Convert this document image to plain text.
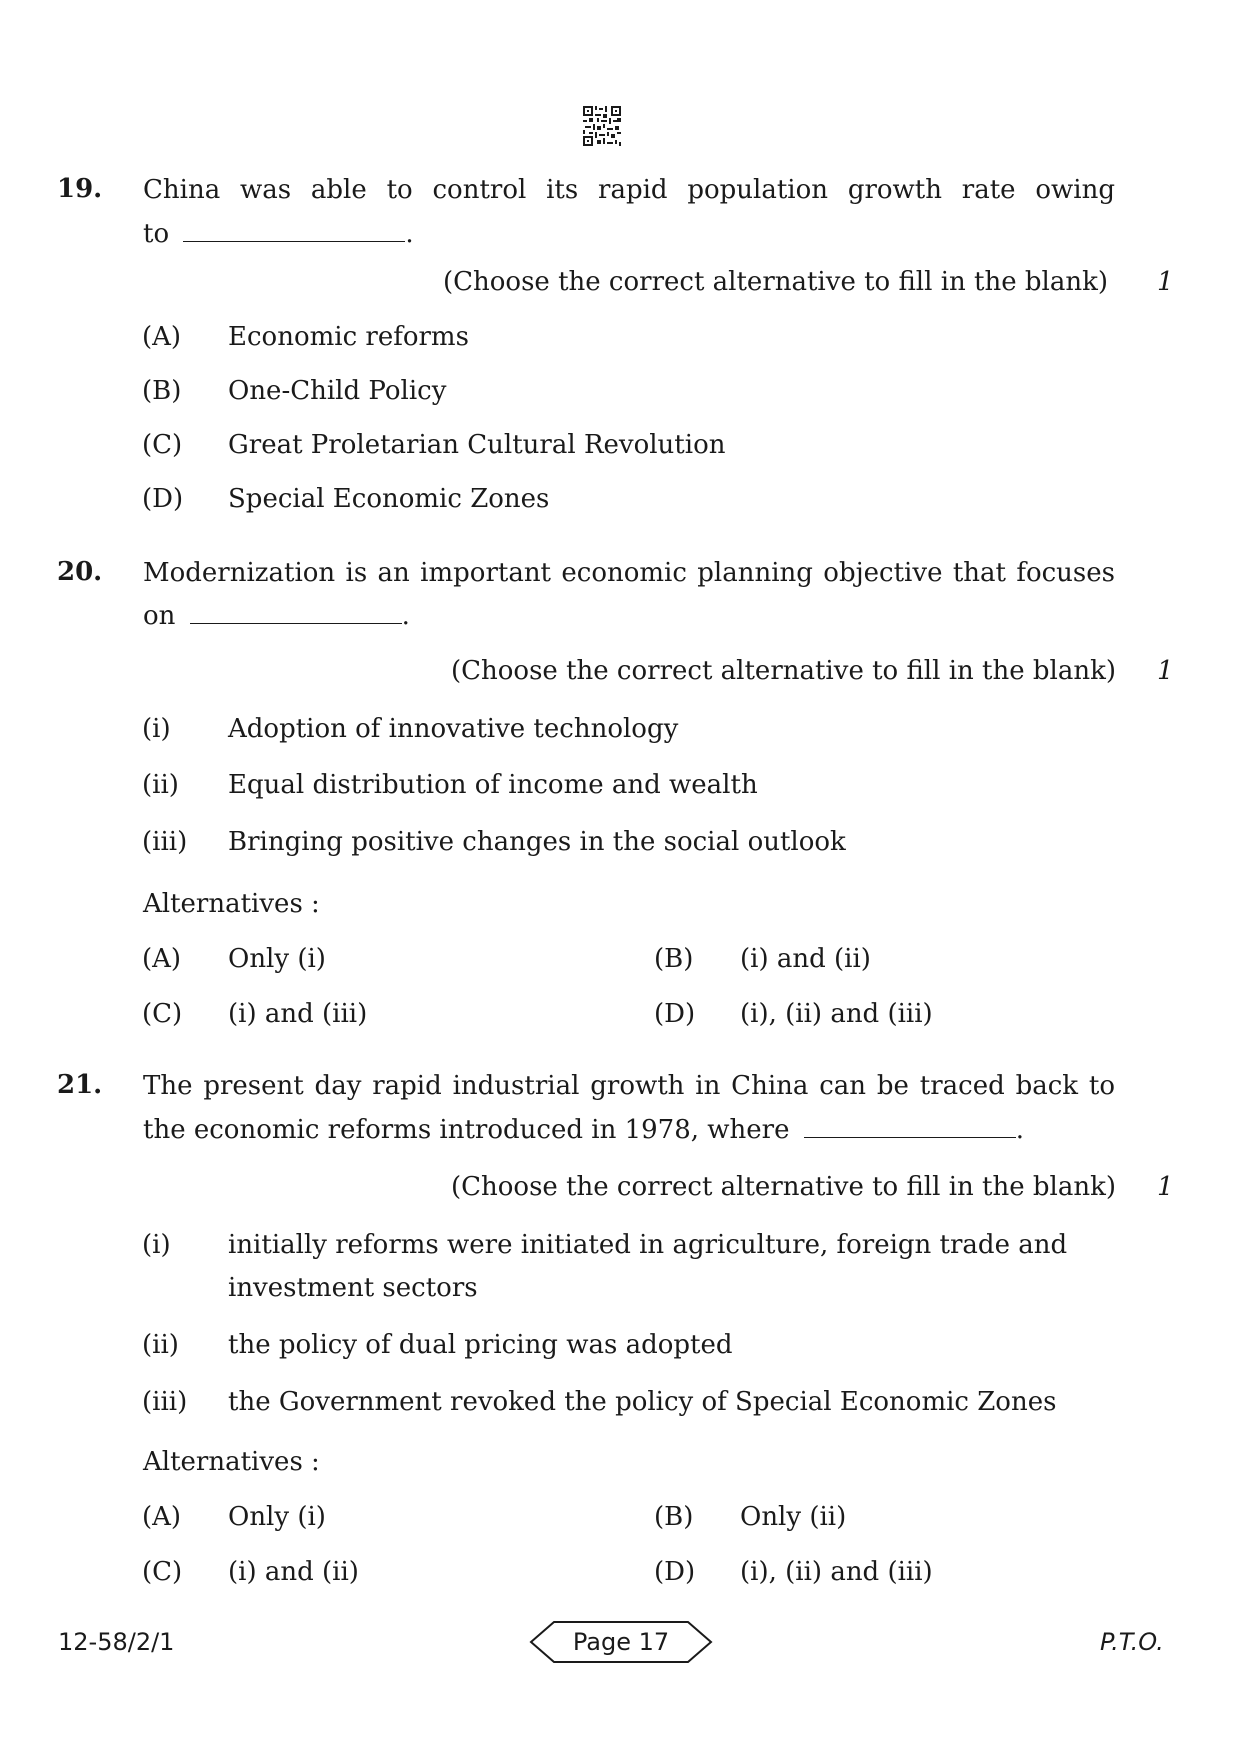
19. China was able to control its rapid population growth rate owing
to	.
(Choose the correct alternative to fill in the blank) 1
(A) Economic reforms
(B) One-Child Policy
(C) Great Proletarian Cultural Revolution
(D) Special Economic Zones
20. Modernization is an important economic planning objective that focuses
on	.
(Choose the correct alternative to fill in the blank) 1
(i) Adoption of innovative technology
(ii) Equal distribution of income and wealth
(iii) Bringing positive changes in the social outlook
Alternatives :
(A) Only (i)	(B) (i) and (ii)
(C) (i) and (iii)	(D) (i), (ii) and (iii)
21. The present day rapid industrial growth in China can be traced back to
the economic reforms introduced in 1978, where	.
(Choose the correct alternative to fill in the blank) 1
(i) initially reforms were initiated in agriculture, foreign trade and
investment sectors
(ii) the policy of dual pricing was adopted
(iii) the Government revoked the policy of Special Economic Zones
Alternatives :
(A) Only (i)	(B) Only (ii)
(C) (i) and (ii)	(D) (i), (ii) and (iii)
12-58/2/1	Page 17	P.T.O.
